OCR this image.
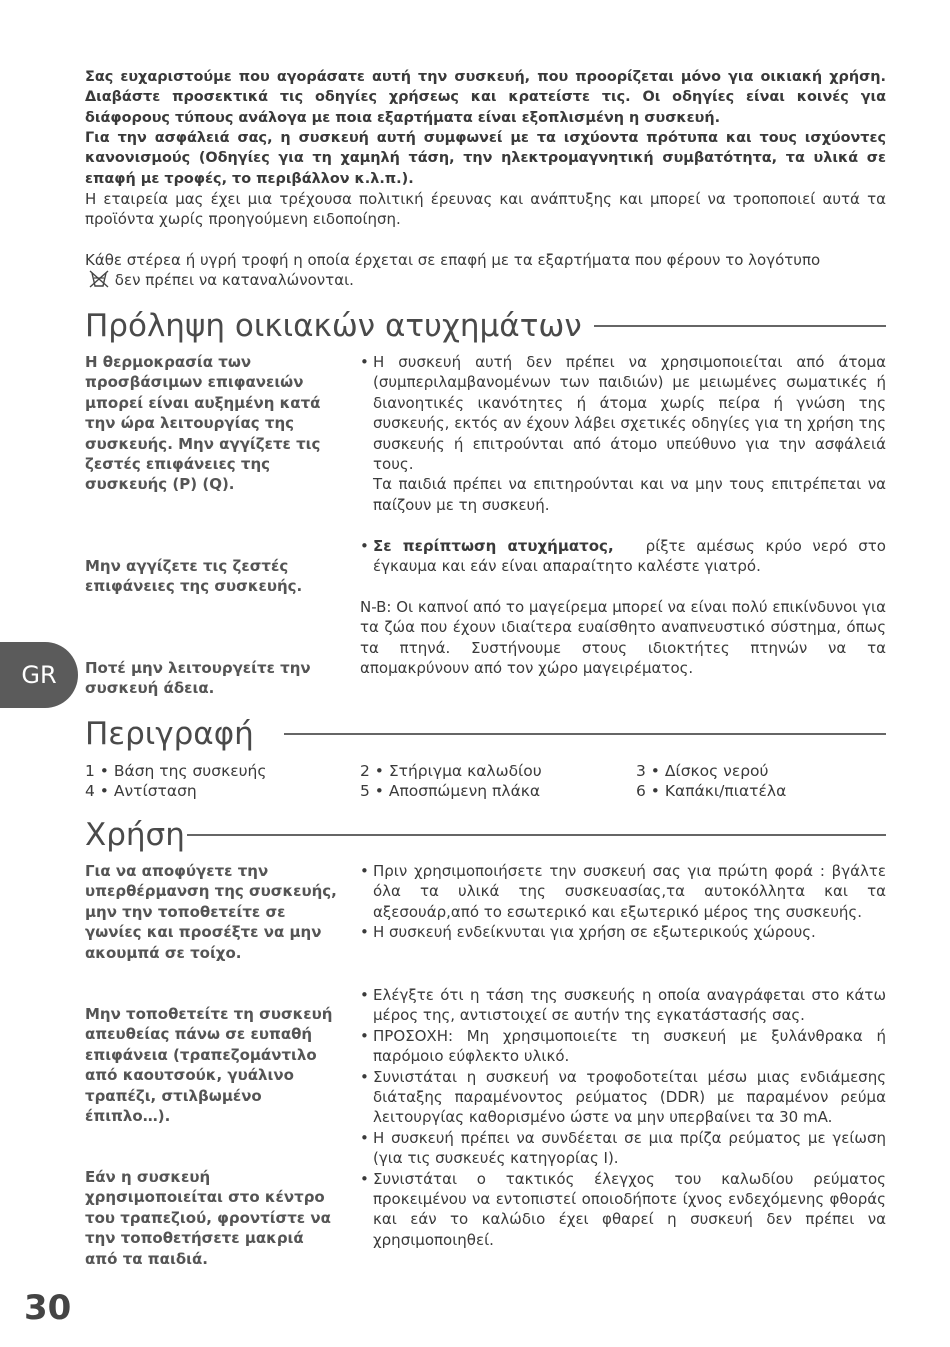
Σας ευχαριστούμε που αγοράσατε αυτή την συσκευή, που προορίζεται μόνο για οικιακή χρήση. Διαβάστε προσεκτικά τις οδηγίες χρήσεως και κρατείστε τις. Οι οδηγίες είναι κοινές για διάφορους τύπους ανάλογα με ποια εξαρτήματα είναι εξοπλισμένη η συσκευή.
Για την ασφάλειά σας, η συσκευή αυτή συμφωνεί με τα ισχύοντα πρότυπα και τους ισχύοντες κανονισμούς (Οδηγίες για τη χαμηλή τάση, την ηλεκτρομαγνητική συμβατότητα, τα υλικά σε επαφή με τροφές, το περιβάλλον κ.λ.π.).
Η εταιρεία μας έχει μια τρέχουσα πολιτική έρευνας και ανάπτυξης και μπορεί να τροποποιεί αυτά τα προϊόντα χωρίς προηγούμενη ειδοποίηση.
Κάθε στέρεα ή υγρή τροφή η οποία έρχεται σε επαφή με τα εξαρτήματα που φέρουν το λογότυπο
δεν πρέπει να καταναλώνονται.
Πρόληψη οικιακών ατυχημάτων
Η θερμοκρασία των προσβάσιμων επιφανειών μπορεί είναι αυξημένη κατά την ώρα λειτουργίας της συσκευής. Μην αγγίζετε τις ζεστές επιφάνειες της συσκευής (P) (Q).
Μην αγγίζετε τις ζεστές επιφάνειες της συσκευής.
Ποτέ μην λειτουργείτε την συσκευή άδεια.
• Η συσκευή αυτή δεν πρέπει να χρησιμοποιείται από άτομα (συμπεριλαμβανομένων των παιδιών) με μειωμένες σωματικές ή διανοητικές ικανότητες ή άτομα χωρίς πείρα ή γνώση της συσκευής, εκτός αν έχουν λάβει σχετικές οδηγίες για τη χρήση της συσκευής ή επιτρούνται από άτομο υπεύθυνο για την ασφάλειά τους.
Τα παιδιά πρέπει να επιτηρούνται και να μην τους επιτρέπεται να παίζουν με τη συσκευή.
• Σε περίπτωση ατυχήματος, ρίξτε αμέσως κρύο νερό στο έγκαυμα και εάν είναι απαραίτητο καλέστε γιατρό.
N-B: Οι καπνοί από το μαγείρεμα μπορεί να είναι πολύ επικίνδυνοι για τα ζώα που έχουν ιδιαίτερα ευαίσθητο αναπνευστικό σύστημα, όπως τα πτηνά. Συστήνουμε στους ιδιοκτήτες πτηνών να τα απομακρύνουν από τον χώρο μαγειρέματος.
GR
Περιγραφή
1 • Βάση της συσκευής	2 • Στήριγμα καλωδίου	3 • Δίσκος νερού
4 • Αντίσταση	5 • Αποσπώμενη πλάκα	6 • Καπάκι/πιατέλα
Χρήση
Για να αποφύγετε την υπερθέρμανση της συσκευής, μην την τοποθετείτε σε γωνίες και προσέξτε να μην ακουμπά σε τοίχο.
Μην τοποθετείτε τη συσκευή απευθείας πάνω σε ευπαθή επιφάνεια (τραπεζομάντιλο από καουτσούκ, γυάλινο τραπέζι, στιλβωμένο έπιπλο…).
Εάν η συσκευή χρησιμοποιείται στο κέντρο του τραπεζιού, φροντίστε να την τοποθετήσετε μακριά από τα παιδιά.
• Πριν χρησιμοποιήσετε την συσκευή σας για πρώτη φορά : βγάλτε όλα τα υλικά της συσκευασίας,τα αυτοκόλλητα και τα αξεσουάρ,από το εσωτερικό και εξωτερικό μέρος της συσκευής.
• Η συσκευή ενδείκνυται για χρήση σε εξωτερικούς χώρους.
• Ελέγξτε ότι η τάση της συσκευής η οποία αναγράφεται στο κάτω μέρος της, αντιστοιχεί σε αυτήν της εγκατάστασής σας.
• ΠΡΟΣΟΧΗ: Μη χρησιμοποιείτε τη συσκευή με ξυλάνθρακα ή παρόμοιο εύφλεκτο υλικό.
• Συνιστάται η συσκευή να τροφοδοτείται μέσω μιας ενδιάμεσης διάταξης παραμένοντος ρεύματος (DDR) με παραμένον ρεύμα λειτουργίας καθορισμένο ώστε να μην υπερβαίνει τα 30 mA.
• Η συσκευή πρέπει να συνδέεται σε μια πρίζα ρεύματος με γείωση (για τις συσκευές κατηγορίας I).
• Συνιστάται ο τακτικός έλεγχος του καλωδίου ρεύματος προκειμένου να εντοπιστεί οποιοδήποτε ίχνος ενδεχόμενης φθοράς και εάν το καλώδιο έχει φθαρεί η συσκευή δεν πρέπει να χρησιμοποιηθεί.
30
